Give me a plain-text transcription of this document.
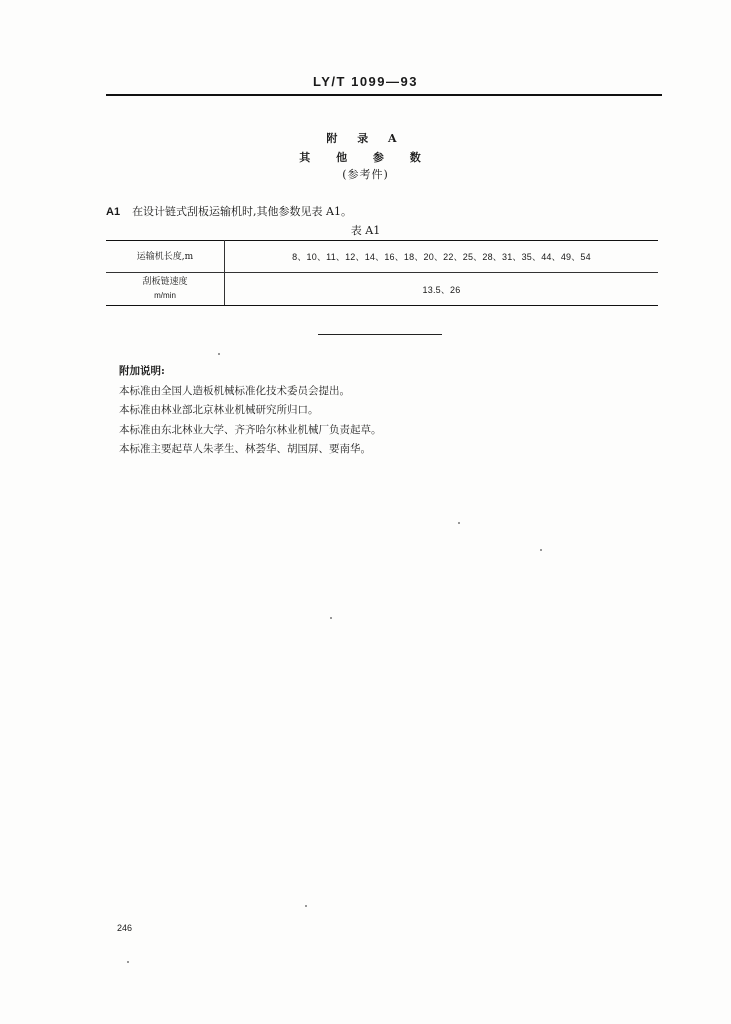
LY/T 1099—93
附 录 A
其 他 参 数
(参考件)
A1 在设计链式刮板运输机时,其他参数见表 A1。
表 A1
运输机长度,m	8、10、11、12、14、16、18、20、22、25、28、31、35、44、49、54

刮板链速度
m/min	13.5、26
附加说明:
本标准由全国人造板机械标准化技术委员会提出。
本标准由林业部北京林业机械研究所归口。
本标准由东北林业大学、齐齐哈尔林业机械厂负责起草。
本标准主要起草人朱孝生、林荟华、胡国屏、要南华。
246
